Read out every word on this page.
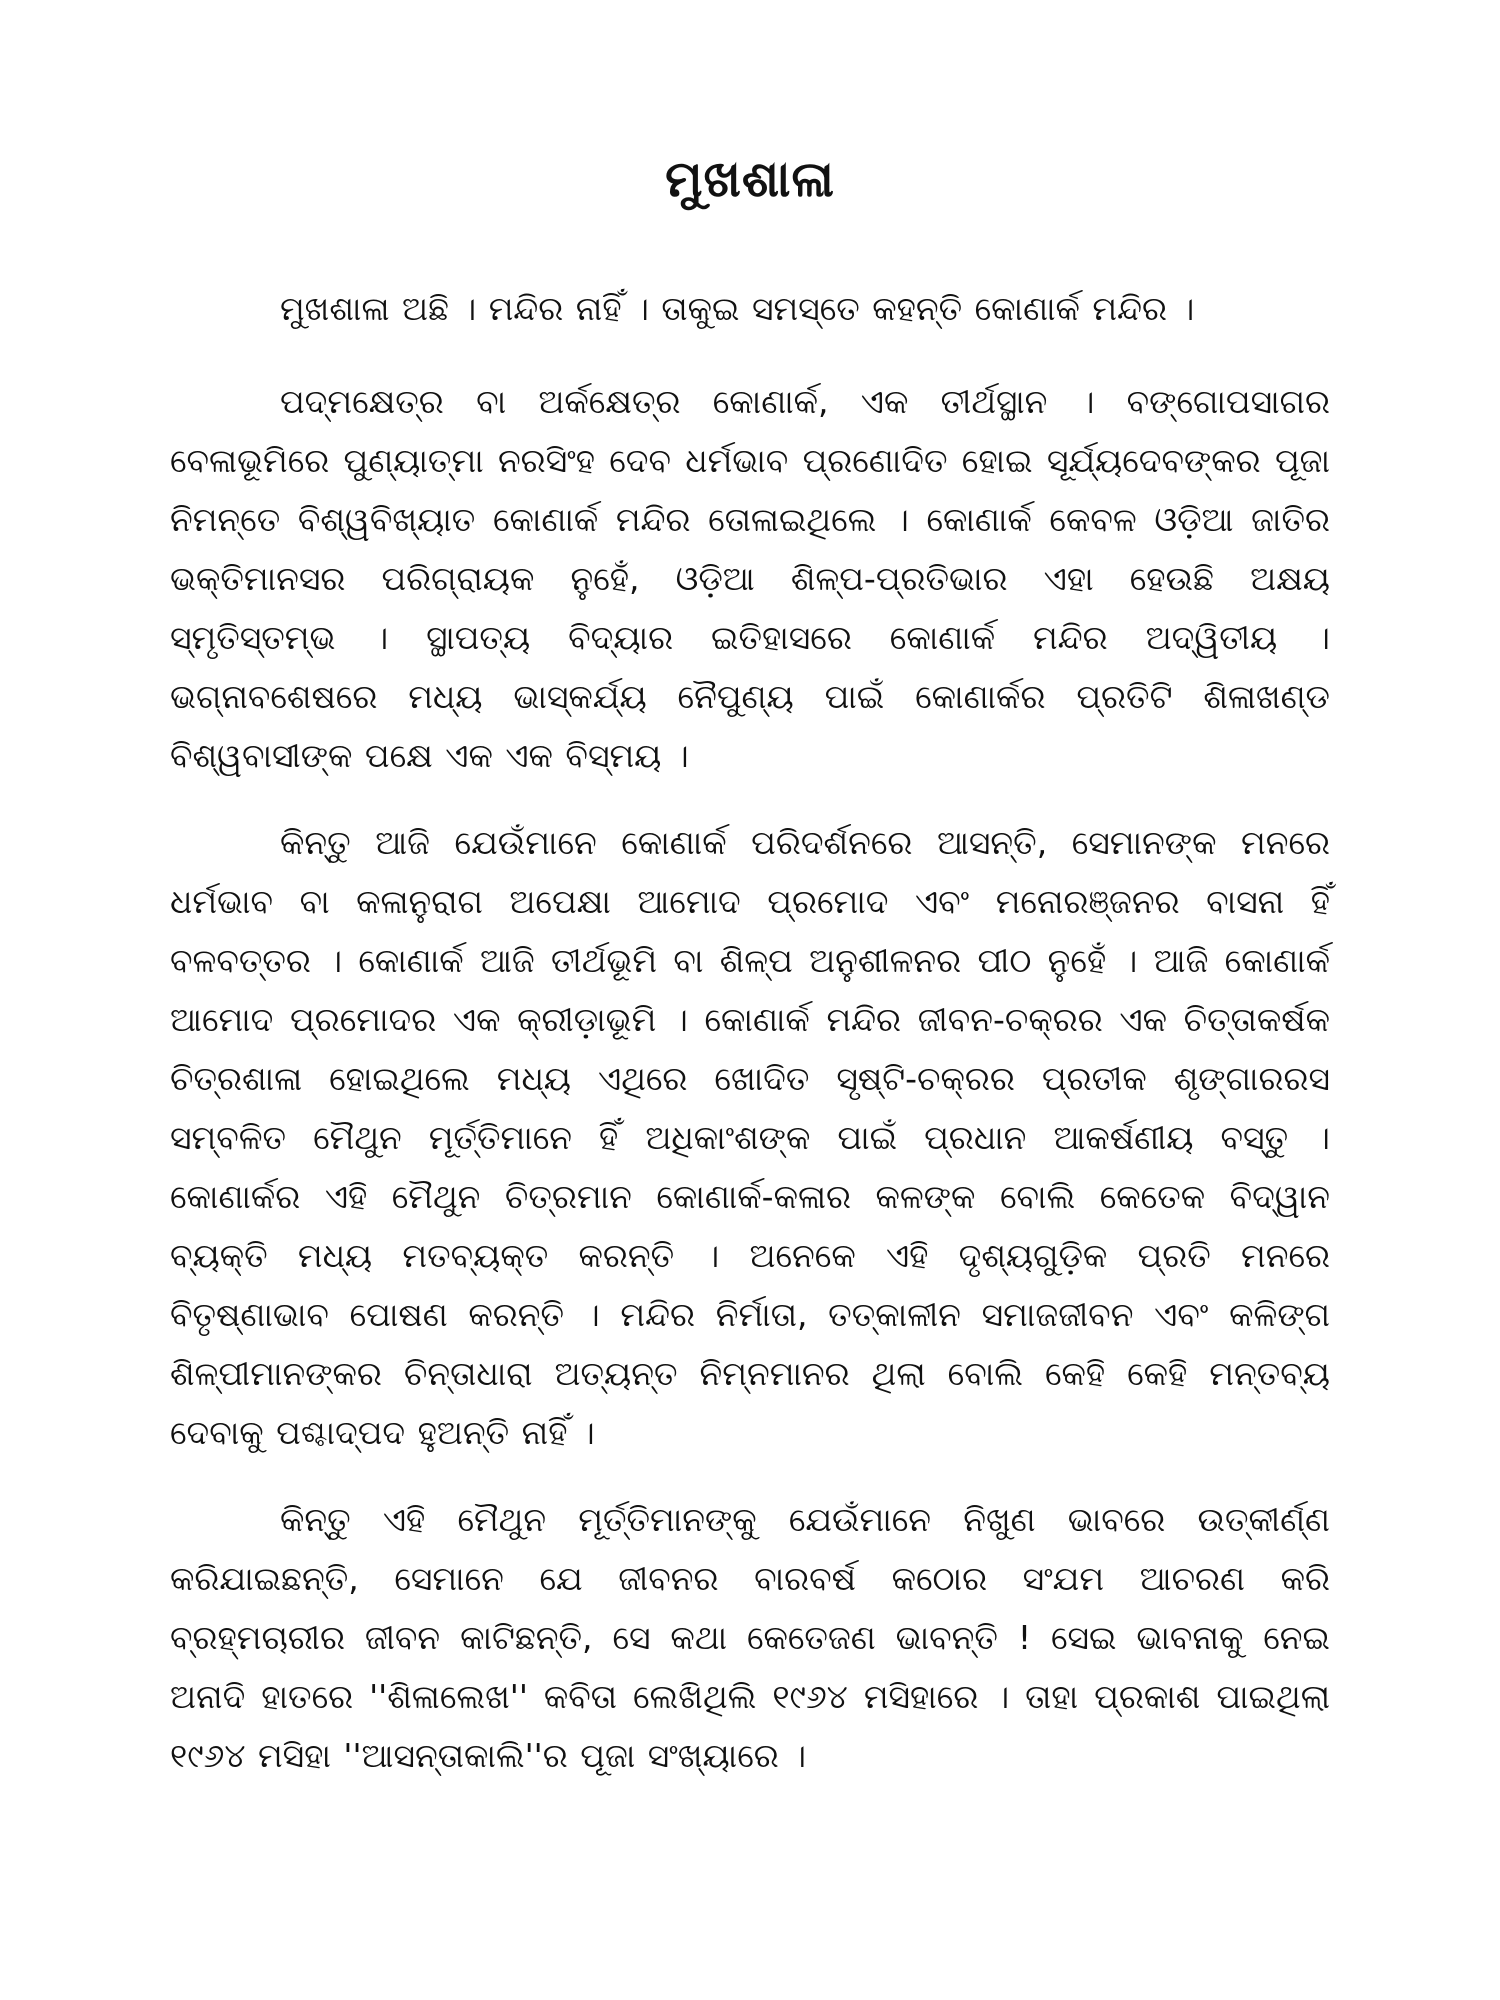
ମୁଖଶାଳା

ମୁଖଶାଳା ଅଛି । ମନ୍ଦିର ନାହିଁ । ତାକୁଇ ସମସ୍ତେ କହନ୍ତି କୋଣାର୍କ ମନ୍ଦିର ।

ପଦ୍ମକ୍ଷେତ୍ର ବା ଅର୍କକ୍ଷେତ୍ର କୋଣାର୍କ, ଏକ ତୀର୍ଥସ୍ଥାନ । ବଙ୍ଗୋପସାଗର ବେଳାଭୂମିରେ ପୁଣ୍ୟାତ୍ମା ନରସିଂହ ଦେବ ଧର୍ମଭାବ ପ୍ରଣୋଦିତ ହୋଇ ସୂର୍ଯ୍ୟଦେବଙ୍କର ପୂଜା ନିମନ୍ତେ ବିଶ୍ୱବିଖ୍ୟାତ କୋଣାର୍କ ମନ୍ଦିର ତୋଳାଇଥିଲେ । କୋଣାର୍କ କେବଳ ଓଡ଼ିଆ ଜାତିର ଭକ୍ତିମାନସର ପରିଗ୍ରାୟକ ନୁହେଁ, ଓଡ଼ିଆ ଶିଳ୍ପ-ପ୍ରତିଭାର ଏହା ହେଉଛି ଅକ୍ଷୟ ସ୍ମୃତିସ୍ତମ୍ଭ । ସ୍ଥାପତ୍ୟ ବିଦ୍ୟାର ଇତିହାସରେ କୋଣାର୍କ ମନ୍ଦିର ଅଦ୍ୱିତୀୟ । ଭଗ୍ନାବଶେଷରେ ମଧ୍ୟ ଭାସ୍କର୍ଯ୍ୟ ନୈପୁଣ୍ୟ ପାଇଁ କୋଣାର୍କର ପ୍ରତିଟି ଶିଳାଖଣ୍ଡ ବିଶ୍ୱବାସୀଙ୍କ ପକ୍ଷେ ଏକ ଏକ ବିସ୍ମୟ ।

କିନ୍ତୁ ଆଜି ଯେଉଁମାନେ କୋଣାର୍କ ପରିଦର୍ଶନରେ ଆସନ୍ତି, ସେମାନଙ୍କ ମନରେ ଧର୍ମଭାବ ବା କଳାନୁରାଗ ଅପେକ୍ଷା ଆମୋଦ ପ୍ରମୋଦ ଏବଂ ମନୋରଞ୍ଜନର ବାସନା ହିଁ ବଳବତ୍ତର । କୋଣାର୍କ ଆଜି ତୀର୍ଥଭୂମି ବା ଶିଳ୍ପ ଅନୁଶୀଳନର ପୀଠ ନୁହେଁ । ଆଜି କୋଣାର୍କ ଆମୋଦ ପ୍ରମୋଦର ଏକ କ୍ରୀଡ଼ାଭୂମି । କୋଣାର୍କ ମନ୍ଦିର ଜୀବନ-ଚକ୍ରର ଏକ ଚିତ୍ତାକର୍ଷକ ଚିତ୍ରଶାଳା ହୋଇଥିଲେ ମଧ୍ୟ ଏଥିରେ ଖୋଦିତ ସୃଷ୍ଟି-ଚକ୍ରର ପ୍ରତୀକ ଶୃଙ୍ଗାରରସ ସମ୍ବଳିତ ମୈଥୁନ ମୂର୍ତ୍ତିମାନେ ହିଁ ଅଧିକାଂଶଙ୍କ ପାଇଁ ପ୍ରଧାନ ଆକର୍ଷଣୀୟ ବସ୍ତୁ । କୋଣାର୍କର ଏହି ମୈଥୁନ ଚିତ୍ରମାନ କୋଣାର୍କ-କଳାର କଳଙ୍କ ବୋଲି କେତେକ ବିଦ୍ୱାନ ବ୍ୟକ୍ତି ମଧ୍ୟ ମତବ୍ୟକ୍ତ କରନ୍ତି । ଅନେକେ ଏହି ଦୃଶ୍ୟଗୁଡ଼ିକ ପ୍ରତି ମନରେ ବିତୃଷ୍ଣାଭାବ ପୋଷଣ କରନ୍ତି । ମନ୍ଦିର ନିର୍ମାତା, ତତ୍କାଳୀନ ସମାଜଜୀବନ ଏବଂ କଳିଙ୍ଗ ଶିଳ୍ପୀମାନଙ୍କର ଚିନ୍ତାଧାରା ଅତ୍ୟନ୍ତ ନିମ୍ନମାନର ଥିଲା ବୋଲି କେହି କେହି ମନ୍ତବ୍ୟ ଦେବାକୁ ପଶ୍ଚାଦ୍‌ପଦ ହୁଅନ୍ତି ନାହିଁ ।

କିନ୍ତୁ ଏହି ମୈଥୁନ ମୂର୍ତ୍ତିମାନଙ୍କୁ ଯେଉଁମାନେ ନିଖୁଣ ଭାବରେ ଉତ୍କୀର୍ଣ୍ଣ କରିଯାଇଛନ୍ତି, ସେମାନେ ଯେ ଜୀବନର ବାରବର୍ଷ କଠୋର ସଂଯମ ଆଚରଣ କରି ବ୍ରହ୍ମଚାରୀର ଜୀବନ କାଟିଛନ୍ତି, ସେ କଥା କେତେଜଣ ଭାବନ୍ତି ! ସେଇ ଭାବନାକୁ ନେଇ ଅନାଦି ହାତରେ ''ଶିଳାଲେଖ'' କବିତା ଲେଖିଥିଲି ୧୯୬୪ ମସିହାରେ । ତାହା ପ୍ରକାଶ ପାଇଥିଲା ୧୯୬୪ ମସିହା ''ଆସନ୍ତାକାଲି''ର ପୂଜା ସଂଖ୍ୟାରେ ।
